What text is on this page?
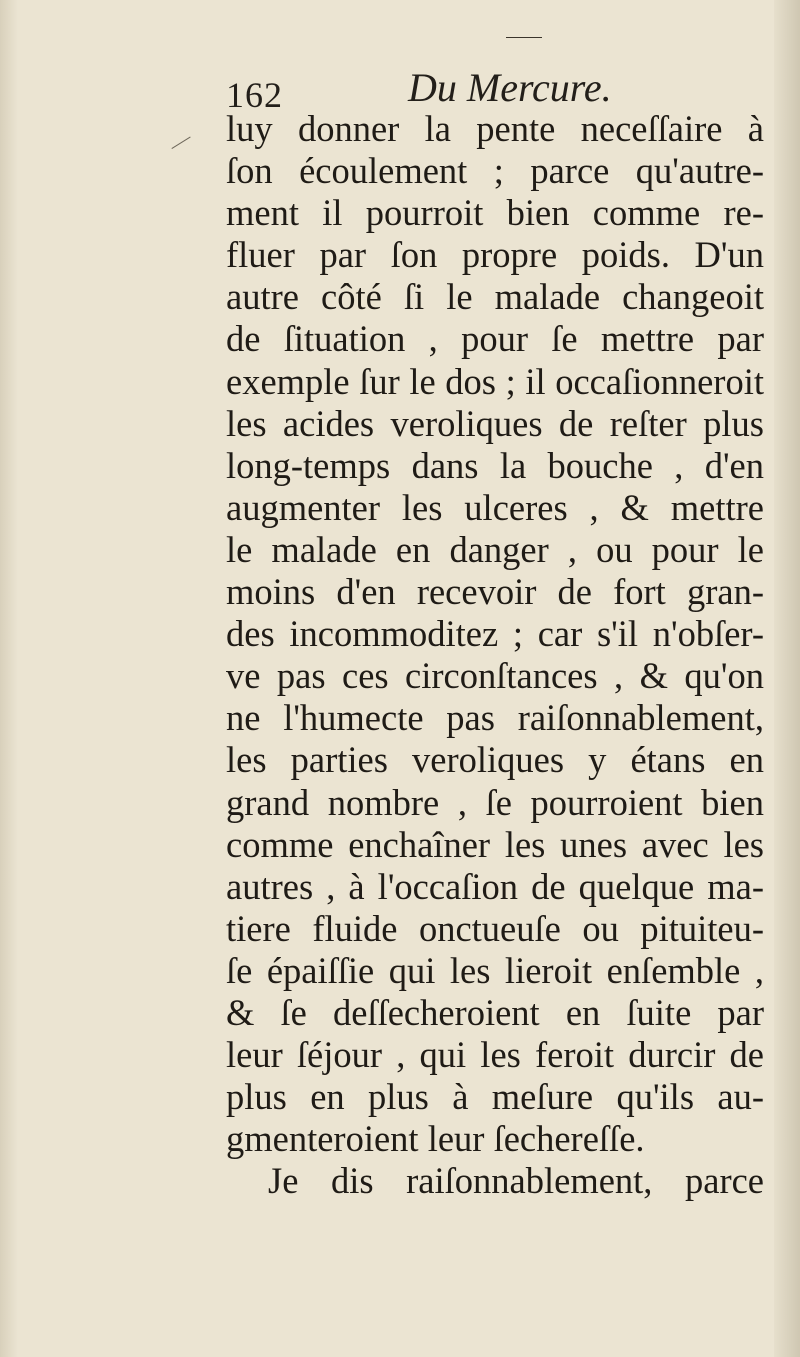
162	Du Mercure.
luy donner la pente neceſſaire à
ſon écoulement ; parce qu'autre-
ment il pourroit bien comme re-
fluer par ſon propre poids. D'un
autre côté ſi le malade changeoit
de ſituation , pour ſe mettre par
exemple ſur le dos ; il occaſionneroit
les acides veroliques de reſter plus
long-temps dans la bouche , d'en
augmenter les ulceres , & mettre
le malade en danger , ou pour le
moins d'en recevoir de fort gran-
des incommoditez ; car s'il n'obſer-
ve pas ces circonſtances , & qu'on
ne l'humecte pas raiſonnablement,
les parties veroliques y étans en
grand nombre , ſe pourroient bien
comme enchaîner les unes avec les
autres , à l'occaſion de quelque ma-
tiere fluide onctueuſe ou pituiteu-
ſe épaiſſie qui les lieroit enſemble ,
& ſe deſſecheroient en ſuite par
leur ſéjour , qui les feroit durcir de
plus en plus à meſure qu'ils au-
gmenteroient leur ſechereſſe.
Je dis raiſonnablement, parce
